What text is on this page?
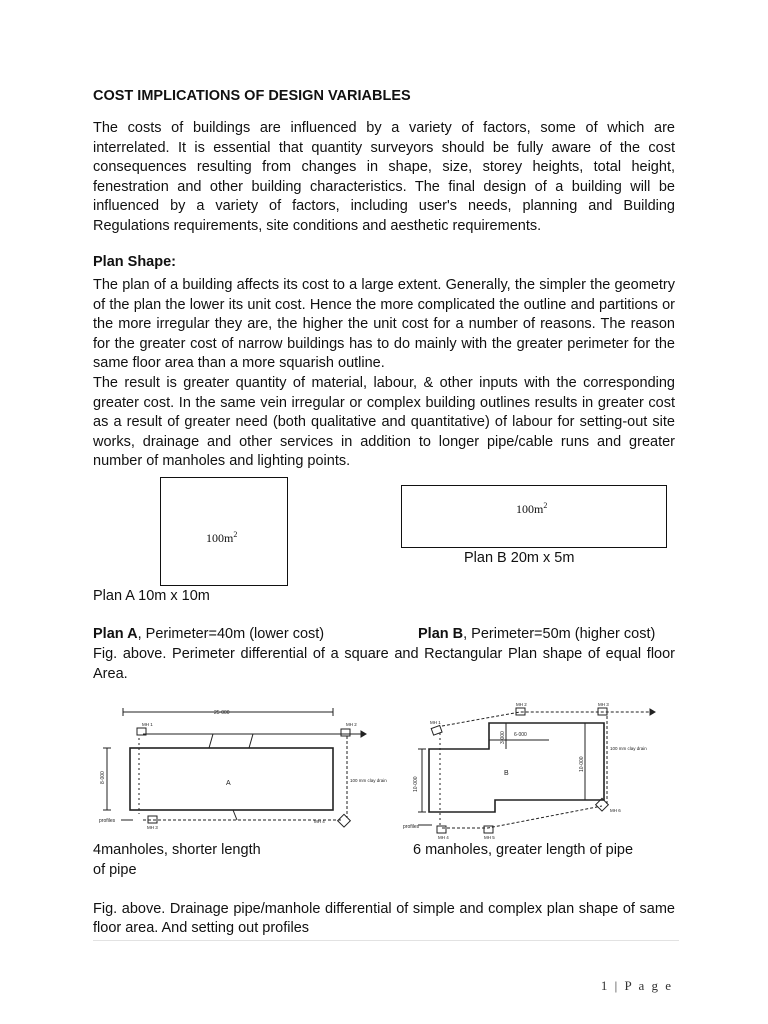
COST IMPLICATIONS OF DESIGN VARIABLES

The costs of buildings are influenced by a variety of factors, some of which are interrelated. It is essential that quantity surveyors should be fully aware of the cost consequences resulting from changes in shape, size, storey heights, total height, fenestration and other building characteristics. The final design of a building will be influenced by a variety of factors, including user's needs, planning and Building Regulations requirements, site conditions and aesthetic requirements.

Plan Shape:

The plan of a building affects its cost to a large extent. Generally, the simpler the geometry of the plan the lower its unit cost. Hence the more complicated the outline and partitions or the more irregular they are, the higher the unit cost for a number of reasons. The reason for the greater cost of narrow buildings has to do mainly with the greater perimeter for the same floor area than a more squarish outline.

The result is greater quantity of material, labour, & other inputs with the corresponding greater cost. In the same vein irregular or complex building outlines results in greater cost as a result of greater need (both qualitative and quantitative) of labour for setting-out site works, drainage and other services in addition to longer pipe/cable runs and greater number of manholes and lighting points.

$100m^2$
$100m^2$
Plan B 20m x 5m
Plan A 10m x 10m
Plan A, Perimeter=40m (lower cost)	Plan B, Perimeter=50m (higher cost)

Fig. above. Perimeter differential of a square and Rectangular Plan shape of equal floor Area.

25·000
MH 1	MH 2
MH 3
MH 4
A	100 mm clay drain
profiles
8·000
MH 1
MH 2	MH 3
MH 4	MH 5
MH 6
6·000
3·000
10·000
10·000
B
100 mm clay drain
profiles
4manholes, shorter length
of pipe
6 manholes, greater length of pipe

Fig. above. Drainage pipe/manhole differential of simple and complex plan shape of same floor area. And setting out profiles

1 | P a g e
